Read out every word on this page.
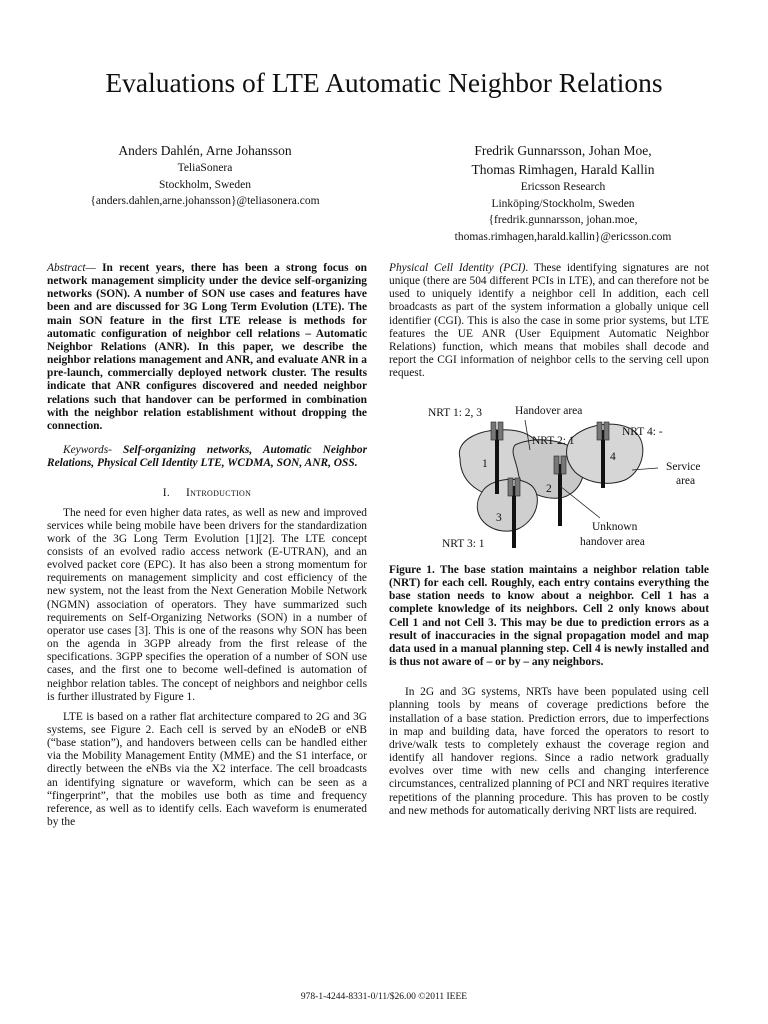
Evaluations of LTE Automatic Neighbor Relations
Anders Dahlén, Arne Johansson
TeliaSonera
Stockholm, Sweden
{anders.dahlen,arne.johansson}@teliasonera.com
Fredrik Gunnarsson, Johan Moe,
Thomas Rimhagen, Harald Kallin
Ericsson Research
Linköping/Stockholm, Sweden
{fredrik.gunnarsson, johan.moe,
thomas.rimhagen,harald.kallin}@ericsson.com

Abstract— In recent years, there has been a strong focus on network management simplicity under the device self-organizing networks (SON). A number of SON use cases and features have been and are discussed for 3G Long Term Evolution (LTE). The main SON feature in the first LTE release is methods for automatic configuration of neighbor cell relations – Automatic Neighbor Relations (ANR). In this paper, we describe the neighbor relations management and ANR, and evaluate ANR in a pre-launch, commercially deployed network cluster. The results indicate that ANR configures discovered and needed neighbor relations such that handover can be performed in combination with the neighbor relation establishment without dropping the connection.

Keywords- Self-organizing networks, Automatic Neighbor Relations, Physical Cell Identity LTE, WCDMA, SON, ANR, OSS.

I. Introduction

The need for even higher data rates, as well as new and improved services while being mobile have been drivers for the standardization work of the 3G Long Term Evolution [1][2]. The LTE concept consists of an evolved radio access network (E-UTRAN), and an evolved packet core (EPC). It has also been a strong momentum for requirements on management simplicity and cost efficiency of the new system, not the least from the Next Generation Mobile Network (NGMN) association of operators. They have summarized such requirements on Self-Organizing Networks (SON) in a number of operator use cases [3]. This is one of the reasons why SON has been on the agenda in 3GPP already from the first release of the specifications. 3GPP specifies the operation of a number of SON use cases, and the first one to become well-defined is automation of neighbor relation tables. The concept of neighbors and neighbor cells is further illustrated by Figure 1.

LTE is based on a rather flat architecture compared to 2G and 3G systems, see Figure 2. Each cell is served by an eNodeB or eNB (“base station”), and handovers between cells can be handled either via the Mobility Management Entity (MME) and the S1 interface, or directly between the eNBs via the X2 interface. The cell broadcasts an identifying signature or waveform, which can be seen as a “fingerprint”, that the mobiles use both as time and frequency reference, as well as to identify cells. Each waveform is enumerated by the

Physical Cell Identity (PCI). These identifying signatures are not unique (there are 504 different PCIs in LTE), and can therefore not be used to uniquely identify a neighbor cell In addition, each cell broadcasts as part of the system information a globally unique cell identifier (CGI). This is also the case in some prior systems, but LTE features the UE ANR (User Equipment Automatic Neighbor Relations) function, which means that mobiles shall decode and report the CGI information of neighbor cells to the serving cell upon request.

NRT 1: 2, 3	Handover area
NRT 2: 1
NRT 4: -
Service
area
Unknown
handover area
NRT 3: 1
1
2
3
4

Figure 1. The base station maintains a neighbor relation table (NRT) for each cell. Roughly, each entry contains everything the base station needs to know about a neighbor. Cell 1 has a complete knowledge of its neighbors. Cell 2 only knows about Cell 1 and not Cell 3. This may be due to prediction errors as a result of inaccuracies in the signal propagation model and map data used in a manual planning step. Cell 4 is newly installed and is thus not aware of – or by – any neighbors.

In 2G and 3G systems, NRTs have been populated using cell planning tools by means of coverage predictions before the installation of a base station. Prediction errors, due to imperfections in map and building data, have forced the operators to resort to drive/walk tests to completely exhaust the coverage region and identify all handover regions. Since a radio network gradually evolves over time with new cells and changing interference circumstances, centralized planning of PCI and NRT requires iterative repetitions of the planning procedure. This has proven to be costly and new methods for automatically deriving NRT lists are required.

978-1-4244-8331-0/11/$26.00 ©2011 IEEE
